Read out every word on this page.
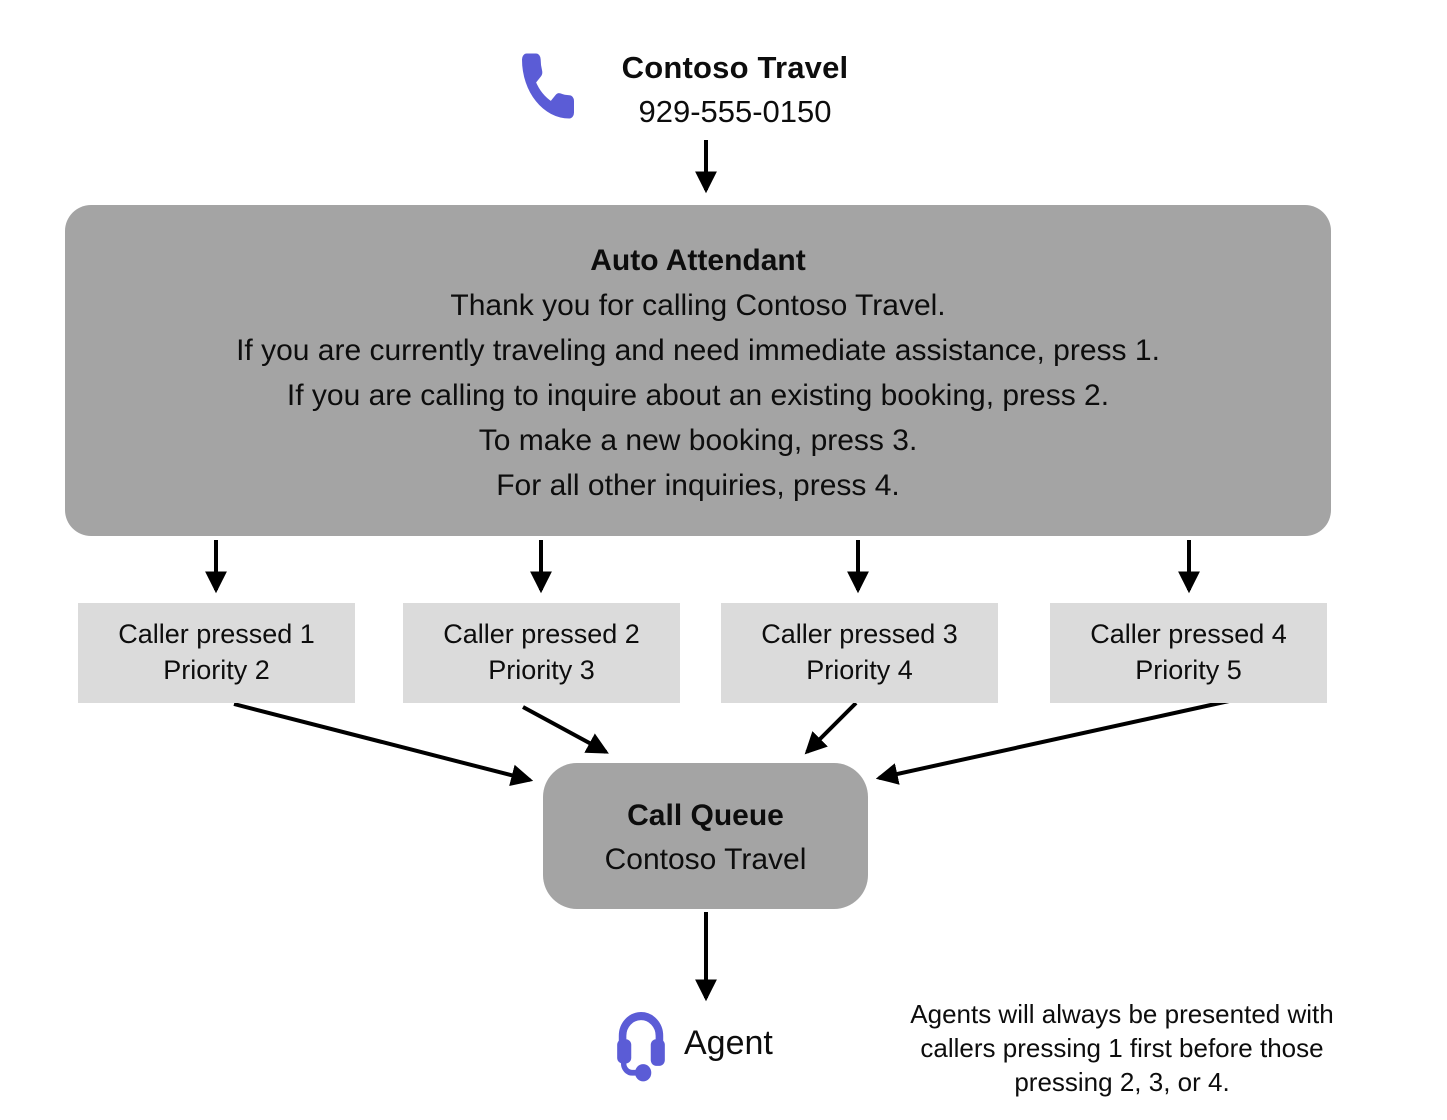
Contoso Travel
929-555-0150
Auto Attendant
Thank you for calling Contoso Travel.
If you are currently traveling and need immediate assistance, press 1.
If you are calling to inquire about an existing booking, press 2.
To make a new booking, press 3.
For all other inquiries, press 4.
Caller pressed 1
Priority 2
Caller pressed 2
Priority 3
Caller pressed 3
Priority 4
Caller pressed 4
Priority 5
Call Queue
Contoso Travel
Agent
Agents will always be presented with
callers pressing 1 first before those
pressing 2, 3, or 4.
